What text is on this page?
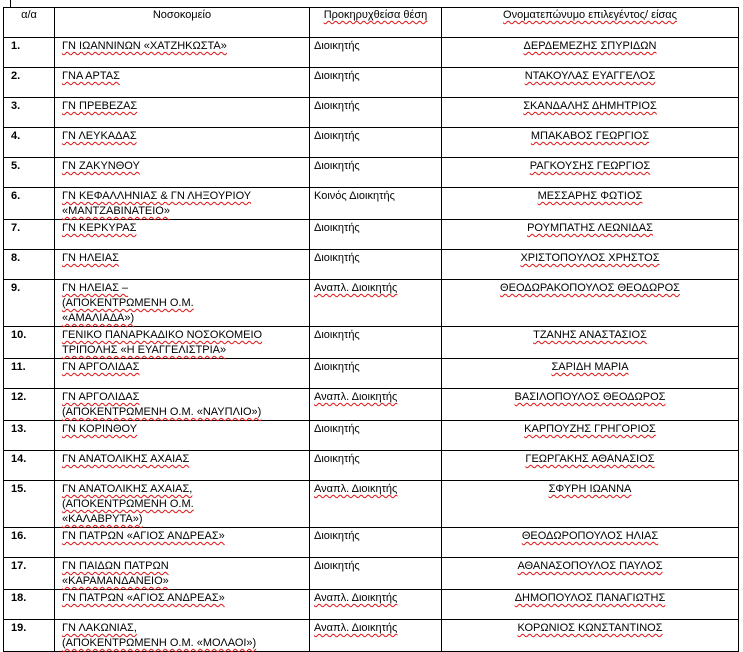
α/α	Νοσοκομείο	Προκηρυχθείσα θέση	Ονοματεπώνυμο επιλεγέντος/ είσας
1.	ΓΝ ΙΩΑΝΝΙΝΩΝ «ΧΑΤΖΗΚΩΣΤΑ»	Διοικητής	ΔΕΡΔΕΜΕΖΗΣ ΣΠΥΡΙΔΩΝ
2.	ΓΝΑ ΑΡΤΑΣ	Διοικητής	ΝΤΑΚΟΥΛΑΣ ΕΥΑΓΓΕΛΟΣ
3.	ΓΝ ΠΡΕΒΕΖΑΣ	Διοικητής	ΣΚΑΝΔΑΛΗΣ ΔΗΜΗΤΡΙΟΣ
4.	ΓΝ ΛΕΥΚΑΔΑΣ	Διοικητής	ΜΠΑΚΑΒΟΣ ΓΕΩΡΓΙΟΣ
5.	ΓΝ ΖΑΚΥΝΘΟΥ	Διοικητής	ΡΑΓΚΟΥΣΗΣ ΓΕΩΡΓΙΟΣ
6.	ΓΝ ΚΕΦΑΛΛΗΝΙΑΣ & ΓΝ ΛΗΞΟΥΡΙΟΥ
«ΜΑΝΤΖΑΒΙΝΑΤΕΙΟ»	Κοινός Διοικητής	ΜΕΣΣΑΡΗΣ ΦΩΤΙΟΣ
7.	ΓΝ ΚΕΡΚΥΡΑΣ	Διοικητής	ΡΟΥΜΠΑΤΗΣ ΛΕΩΝΙΔΑΣ
8.	ΓΝ ΗΛΕΙΑΣ	Διοικητής	ΧΡΙΣΤΟΠΟΥΛΟΣ ΧΡΗΣΤΟΣ
9.	ΓΝ ΗΛΕΙΑΣ –
(ΑΠΟΚΕΝΤΡΩΜΕΝΗ Ο.Μ.
«ΑΜΑΛΙΑΔΑ»)	Αναπλ. Διοικητής	ΘΕΟΔΩΡΑΚΟΠΟΥΛΟΣ ΘΕΟΔΩΡΟΣ
10.	ΓΕΝΙΚΟ ΠΑΝΑΡΚΑΔΙΚΟ ΝΟΣΟΚΟΜΕΙΟ
ΤΡΙΠΟΛΗΣ «Η ΕΥΑΓΓΕΛΙΣΤΡΙΑ»	Διοικητής	ΤΖΑΝΗΣ ΑΝΑΣΤΑΣΙΟΣ
11.	ΓΝ ΑΡΓΟΛΙΔΑΣ	Διοικητής	ΣΑΡΙΔΗ ΜΑΡΙΑ
12.	ΓΝ ΑΡΓΟΛΙΔΑΣ
(ΑΠΟΚΕΝΤΡΩΜΕΝΗ Ο.Μ. «ΝΑΥΠΛΙΟ»)	Αναπλ. Διοικητής	ΒΑΣΙΛΟΠΟΥΛΟΣ ΘΕΟΔΩΡΟΣ
13.	ΓΝ ΚΟΡΙΝΘΟΥ	Διοικητής	ΚΑΡΠΟΥΖΗΣ ΓΡΗΓΟΡΙΟΣ
14.	ΓΝ ΑΝΑΤΟΛΙΚΗΣ ΑΧΑΙΑΣ	Διοικητής	ΓΕΩΡΓΑΚΗΣ ΑΘΑΝΑΣΙΟΣ
15.	ΓΝ ΑΝΑΤΟΛΙΚΗΣ ΑΧΑΙΑΣ,
(ΑΠΟΚΕΝΤΡΩΜΕΝΗ Ο.Μ.
«ΚΑΛΑΒΡΥΤΑ»)	Αναπλ. Διοικητής	ΣΦΥΡΗ ΙΩΑΝΝΑ
16.	ΓΝ ΠΑΤΡΩΝ «ΑΓΙΟΣ ΑΝΔΡΕΑΣ»	Διοικητής	ΘΕΟΔΩΡΟΠΟΥΛΟΣ ΗΛΙΑΣ
17.	ΓΝ ΠΑΙΔΩΝ ΠΑΤΡΩΝ
«ΚΑΡΑΜΑΝΔΑΝΕΙΟ»	Διοικητής	ΑΘΑΝΑΣΟΠΟΥΛΟΣ ΠΑΥΛΟΣ
18.	ΓΝ ΠΑΤΡΩΝ «ΑΓΙΟΣ ΑΝΔΡΕΑΣ»	Αναπλ. Διοικητής	ΔΗΜΟΠΟΥΛΟΣ ΠΑΝΑΓΙΩΤΗΣ
19.	ΓΝ ΛΑΚΩΝΙΑΣ,
(ΑΠΟΚΕΝΤΡΩΜΕΝΗ Ο.Μ. «ΜΟΛΑΟΙ»)	Αναπλ. Διοικητής	ΚΟΡΩΝΙΟΣ ΚΩΝΣΤΑΝΤΙΝΟΣ
